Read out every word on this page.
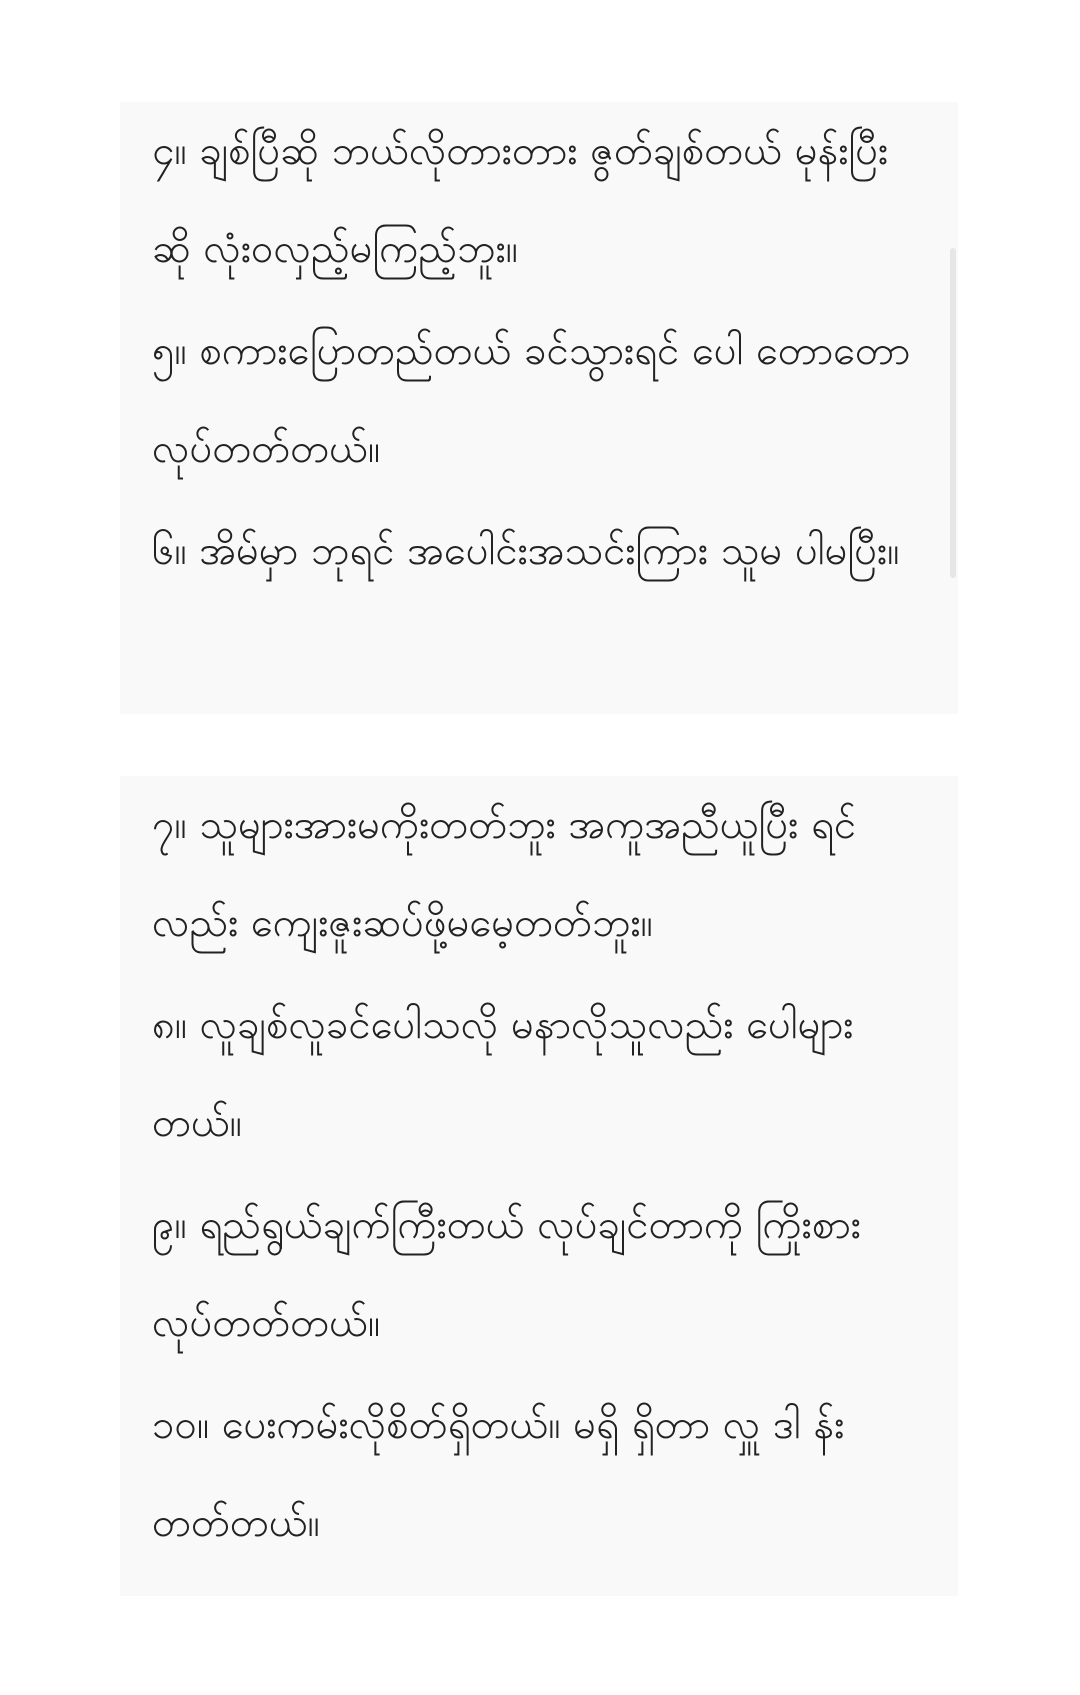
၄။ ချစ်ပြီဆို ဘယ်လိုတားတား ဇွတ်ချစ်တယ် မုန်းပြီးဆို လုံးဝလှည့်မကြည့်ဘူး။

၅။ စကားပြောတည်တယ် ခင်သွားရင် ပေါ တောတောလုပ်တတ်တယ်။

၆။ အိမ်မှာ ဘုရင် အပေါင်းအသင်းကြား သူမ ပါမပြီး။

၇။ သူများအားမကိုးတတ်ဘူး အကူအညီယူပြီး ရင်လည်း ကျေးဇူးဆပ်ဖို့မမေ့တတ်ဘူး။

၈။ လူချစ်လူခင်ပေါသလို မနာလိုသူလည်း ပေါများတယ်။

၉။ ရည်ရွယ်ချက်ကြီးတယ် လုပ်ချင်တာကို ကြိုးစားလုပ်တတ်တယ်။

၁၀။ ပေးကမ်းလိုစိတ်ရှိတယ်။ မရှိ ရှိတာ လှူ ဒါ န်းတတ်တယ်။
